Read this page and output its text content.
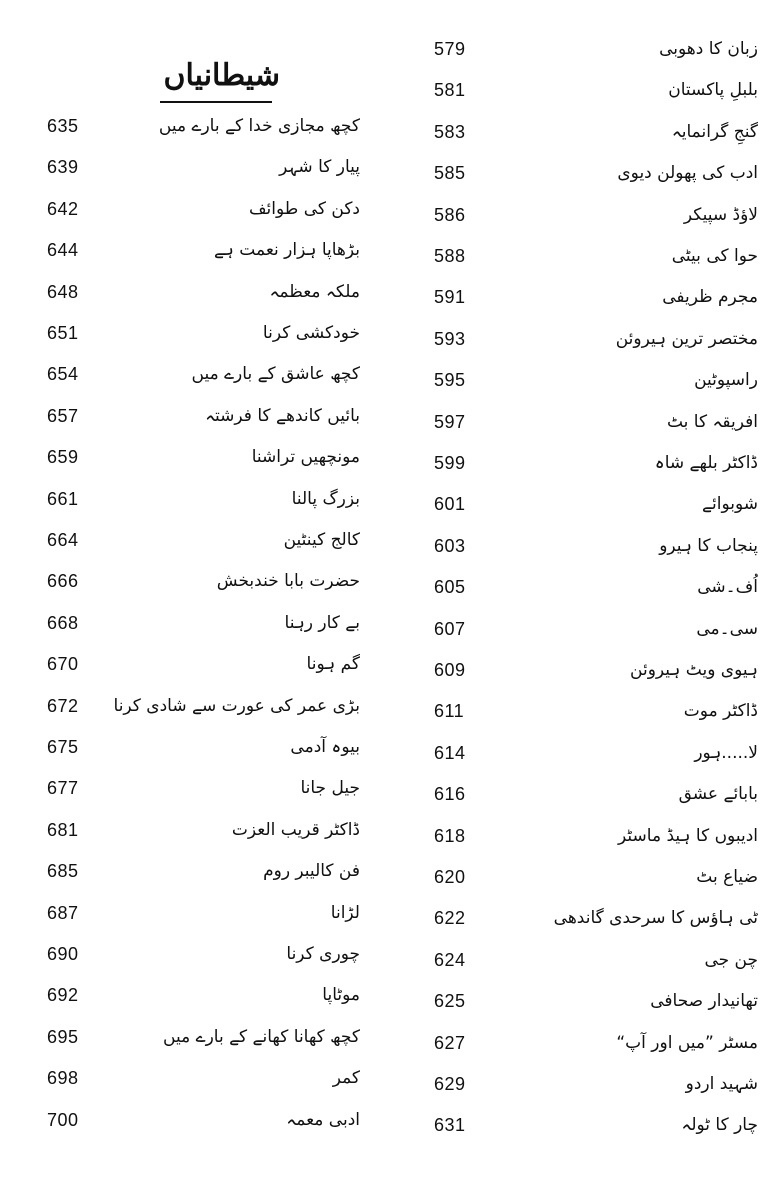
شیطانیاں
635	کچھ مجازی خدا کے بارے میں
639	پیار کا شہر
642	دکن کی طوائف
644	بڑھاپا ہزار نعمت ہے
648	ملکہ معظمہ
651	خودکشی کرنا
654	کچھ عاشق کے بارے میں
657	بائیں کاندھے کا فرشتہ
659	مونچھیں تراشنا
661	بزرگ پالنا
664	کالج کینٹین
666	حضرت بابا خندبخش
668	بے کار رہنا
670	گم ہونا
672	بڑی عمر کی عورت سے شادی کرنا
675	بیوہ آدمی
677	جیل جانا
681	ڈاکٹر قریب العزت
685	فن کالیبر روم
687	لڑانا
690	چوری کرنا
692	موٹاپا
695	کچھ کھانا کھانے کے بارے میں
698	کمر
700	ادبی معمہ
579	زبان کا دھوبی
581	بلبلِ پاکستان
583	گنجِ گرانمایہ
585	ادب کی پھولن دیوی
586	لاؤڈ سپیکر
588	حوا کی بیٹی
591	مجرم ظریفی
593	مختصر ترین ہیروئن
595	راسپوٹین
597	افریقہ کا بٹ
599	ڈاکٹر بلھے شاہ
601	شوبوائے
603	پنجاب کا ہیرو
605	اُف۔شی
607	سی۔می
609	ہیوی ویٹ ہیروئن
611	ڈاکٹر موت
614	لا.....ہور
616	بابائے عشق
618	ادیبوں کا ہیڈ ماسٹر
620	ضیاع بٹ
622	ٹی ہاؤس کا سرحدی گاندھی
624	چن جی
625	تھانیدار صحافی
627	مسٹر ”میں اور آپ“
629	شہید اردو
631	چار کا ٹولہ
